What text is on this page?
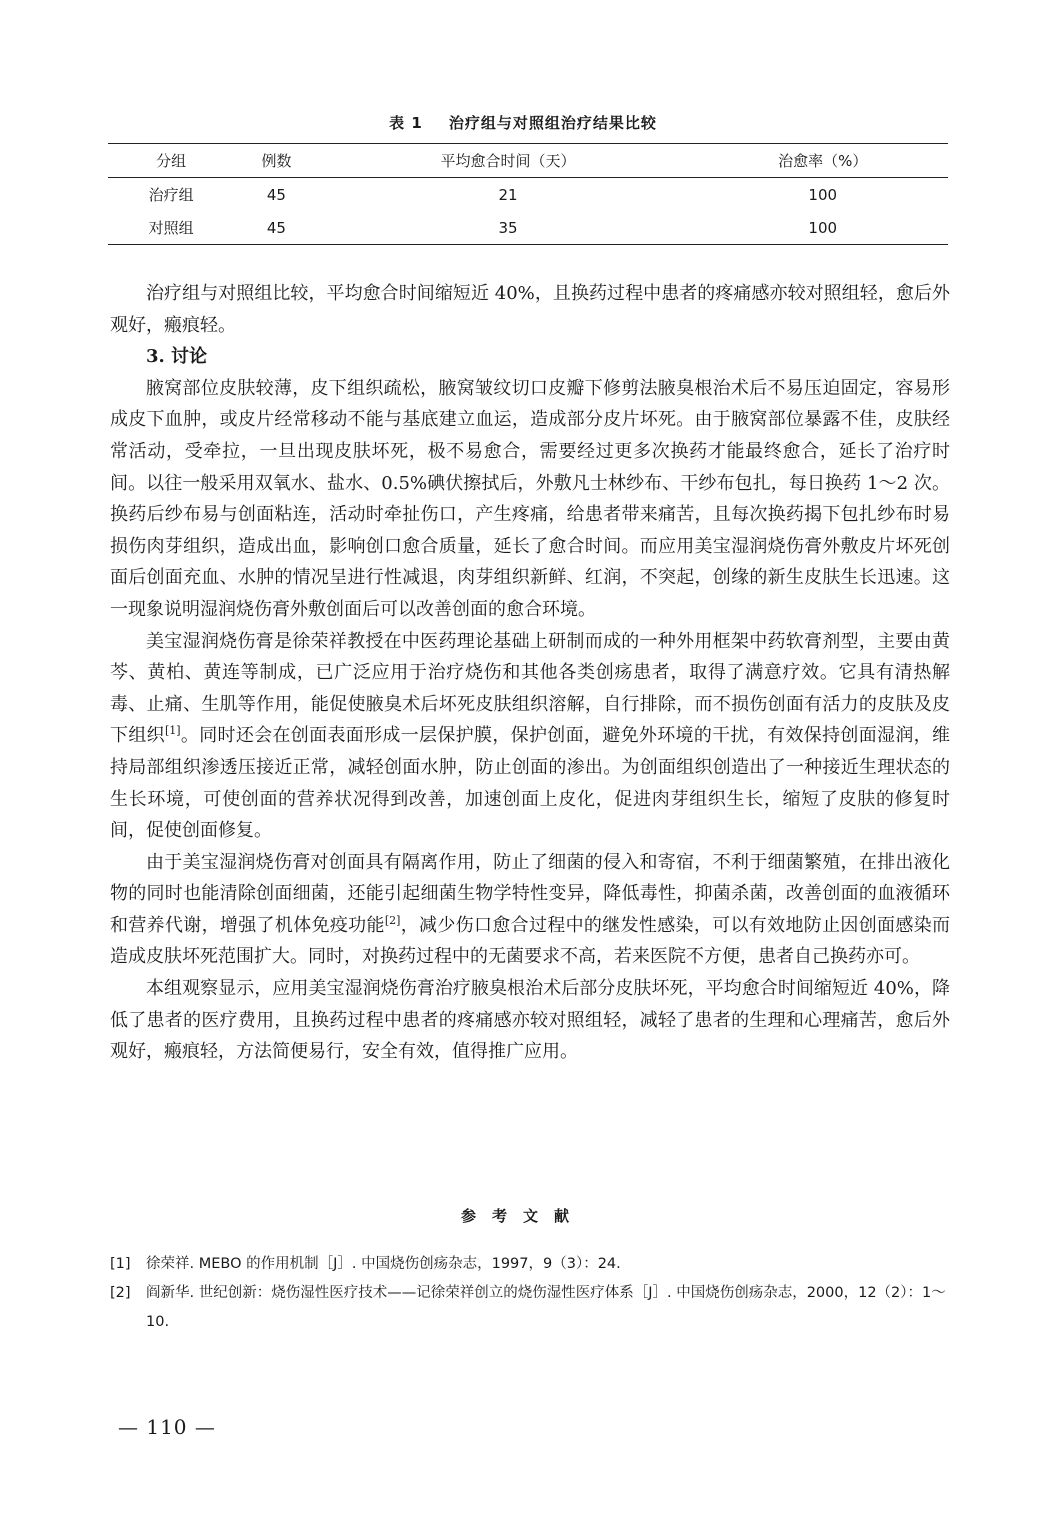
表 1 治疗组与对照组治疗结果比较
分组	例数	平均愈合时间（天）	治愈率（%）
治疗组	45	21	100
对照组	45	35	100

治疗组与对照组比较，平均愈合时间缩短近 40%，且换药过程中患者的疼痛感亦较对照组轻，愈后外观好，瘢痕轻。

3. 讨论

腋窝部位皮肤较薄，皮下组织疏松，腋窝皱纹切口皮瓣下修剪法腋臭根治术后不易压迫固定，容易形成皮下血肿，或皮片经常移动不能与基底建立血运，造成部分皮片坏死。由于腋窝部位暴露不佳，皮肤经常活动，受牵拉，一旦出现皮肤坏死，极不易愈合，需要经过更多次换药才能最终愈合，延长了治疗时间。以往一般采用双氧水、盐水、0.5%碘伏擦拭后，外敷凡士林纱布、干纱布包扎，每日换药 1～2 次。换药后纱布易与创面粘连，活动时牵扯伤口，产生疼痛，给患者带来痛苦，且每次换药揭下包扎纱布时易损伤肉芽组织，造成出血，影响创口愈合质量，延长了愈合时间。而应用美宝湿润烧伤膏外敷皮片坏死创面后创面充血、水肿的情况呈进行性减退，肉芽组织新鲜、红润，不突起，创缘的新生皮肤生长迅速。这一现象说明湿润烧伤膏外敷创面后可以改善创面的愈合环境。

美宝湿润烧伤膏是徐荣祥教授在中医药理论基础上研制而成的一种外用框架中药软膏剂型，主要由黄芩、黄柏、黄连等制成，已广泛应用于治疗烧伤和其他各类创疡患者，取得了满意疗效。它具有清热解毒、止痛、生肌等作用，能促使腋臭术后坏死皮肤组织溶解，自行排除，而不损伤创面有活力的皮肤及皮下组织[1]。同时还会在创面表面形成一层保护膜，保护创面，避免外环境的干扰，有效保持创面湿润，维持局部组织渗透压接近正常，减轻创面水肿，防止创面的渗出。为创面组织创造出了一种接近生理状态的生长环境，可使创面的营养状况得到改善，加速创面上皮化，促进肉芽组织生长，缩短了皮肤的修复时间，促使创面修复。

由于美宝湿润烧伤膏对创面具有隔离作用，防止了细菌的侵入和寄宿，不利于细菌繁殖，在排出液化物的同时也能清除创面细菌，还能引起细菌生物学特性变异，降低毒性，抑菌杀菌，改善创面的血液循环和营养代谢，增强了机体免疫功能[2]，减少伤口愈合过程中的继发性感染，可以有效地防止因创面感染而造成皮肤坏死范围扩大。同时，对换药过程中的无菌要求不高，若来医院不方便，患者自己换药亦可。

本组观察显示，应用美宝湿润烧伤膏治疗腋臭根治术后部分皮肤坏死，平均愈合时间缩短近 40%，降低了患者的医疗费用，且换药过程中患者的疼痛感亦较对照组轻，减轻了患者的生理和心理痛苦，愈后外观好，瘢痕轻，方法简便易行，安全有效，值得推广应用。

参考文献
[1]	徐荣祥. MEBO 的作用机制［J］. 中国烧伤创疡杂志，1997，9（3）：24.
[2]	阎新华. 世纪创新：烧伤湿性医疗技术——记徐荣祥创立的烧伤湿性医疗体系［J］. 中国烧伤创疡杂志，2000，12（2）：1～10.
— 110 —
